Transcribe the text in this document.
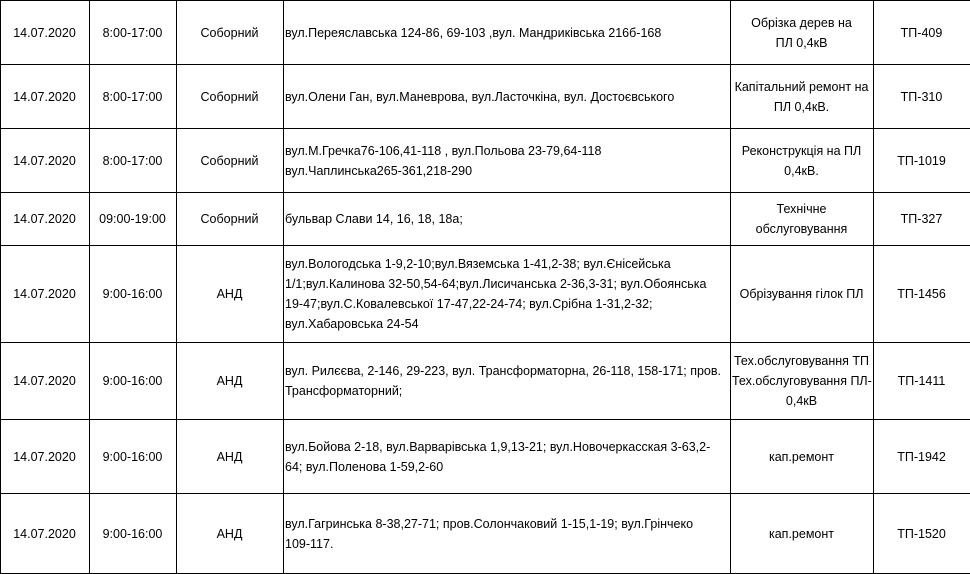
14.07.2020	8:00-17:00	Соборний	вул.Переяславська 124-86, 69-103 ,вул. Мандриківська 216б-168	Обрізка дерев на
ПЛ 0,4кВ	ТП-409
14.07.2020	8:00-17:00	Соборний	вул.Олени Ган, вул.Маневрова, вул.Ласточкіна, вул. Достоєвського	Капітальний ремонт на
ПЛ 0,4кВ.	ТП-310
14.07.2020	8:00-17:00	Соборний	вул.М.Гречка76-106,41-118 , вул.Польова 23-79,64-118
вул.Чаплинська265-361,218-290	Реконструкція на ПЛ
0,4кВ.	ТП-1019
14.07.2020	09:00-19:00	Соборний	бульвар Слави 14, 16, 18, 18а;	Технічне
обслуговування	ТП-327
14.07.2020	9:00-16:00	АНД	вул.Вологодська 1-9,2-10;вул.Вяземська 1-41,2-38; вул.Єнісейська
1/1;вул.Калинова 32-50,54-64;вул.Лисичанська 2-36,3-31; вул.Обоянська
19-47;вул.С.Ковалевської 17-47,22-24-74; вул.Срібна 1-31,2-32;
вул.Хабаровська 24-54	Обрізування гілок ПЛ	ТП-1456
14.07.2020	9:00-16:00	АНД	вул. Рилєєва, 2-146, 29-223, вул. Трансформаторна, 26-118, 158-171; пров.
Трансформаторний;	Тех.обслуговування ТП
Тех.обслуговування ПЛ-
0,4кВ	ТП-1411
14.07.2020	9:00-16:00	АНД	вул.Бойова 2-18, вул.Варварівська 1,9,13-21; вул.Новочеркасская 3-63,2-
64; вул.Поленова 1-59,2-60	кап.ремонт	ТП-1942
14.07.2020	9:00-16:00	АНД	вул.Гагринська 8-38,27-71; пров.Солончаковий 1-15,1-19; вул.Грінчеко
109-117.	кап.ремонт	ТП-1520
